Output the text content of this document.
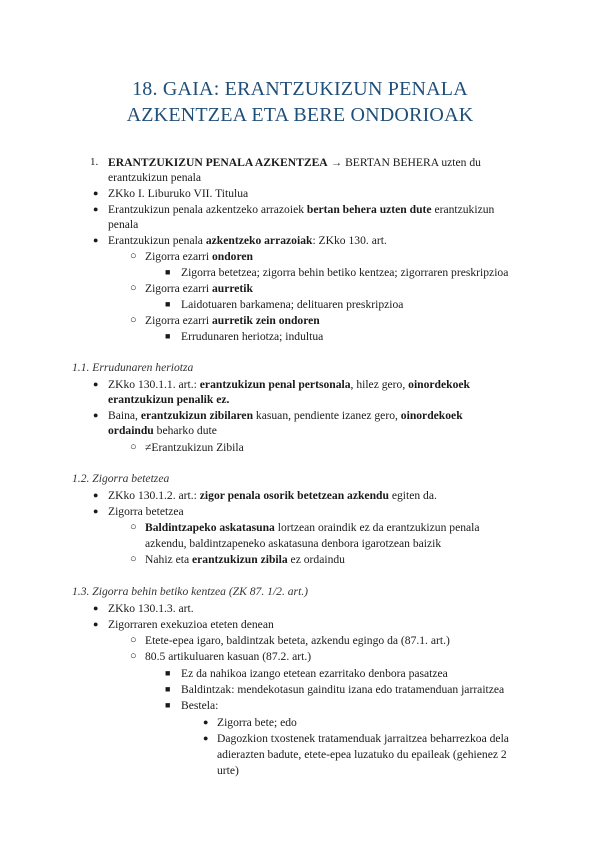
18. GAIA: ERANTZUKIZUN PENALA
AZKENTZEA ETA BERE ONDORIOAK
1. ERANTZUKIZUN PENALA AZKENTZEA → BERTAN BEHERA uzten du
erantzukizun penala
●
ZKko I. Liburuko VII. Titulua
●
Erantzukizun penala azkentzeko arrazoiek bertan behera uzten dute erantzukizun
penala
●
Erantzukizun penala azkentzeko arrazoiak: ZKko 130. art.
○
Zigorra ezarri ondoren
■
Zigorra betetzea; zigorra behin betiko kentzea; zigorraren preskripzioa
○
Zigorra ezarri aurretik
■
Laidotuaren barkamena; delituaren preskripzioa
○
Zigorra ezarri aurretik zein ondoren
■
Errudunaren heriotza; indultua
1.1. Errudunaren heriotza
●
ZKko 130.1.1. art.: erantzukizun penal pertsonala, hilez gero, oinordekoek
erantzukizun penalik ez.
●
Baina, erantzukizun zibilaren kasuan, pendiente izanez gero, oinordekoek
ordaindu beharko dute
○
≠Erantzukizun Zibila
1.2. Zigorra betetzea
●
ZKko 130.1.2. art.: zigor penala osorik betetzean azkendu egiten da.
●
Zigorra betetzea
○
Baldintzapeko askatasuna lortzean oraindik ez da erantzukizun penala
azkendu, baldintzapeneko askatasuna denbora igarotzean baizik
○
Nahiz eta erantzukizun zibila ez ordaindu
1.3. Zigorra behin betiko kentzea (ZK 87. 1/2. art.)
●
ZKko 130.1.3. art.
●
Zigorraren exekuzioa eteten denean
○
Etete-epea igaro, baldintzak beteta, azkendu egingo da (87.1. art.)
○
80.5 artikuluaren kasuan (87.2. art.)
■
Ez da nahikoa izango etetean ezarritako denbora pasatzea
■
Baldintzak: mendekotasun gainditu izana edo tratamenduan jarraitzea
■
Bestela:
●
Zigorra bete; edo
●
Dagozkion txostenek tratamenduak jarraitzea beharrezkoa dela
adierazten badute, etete-epea luzatuko du epaileak (gehienez 2
urte)
